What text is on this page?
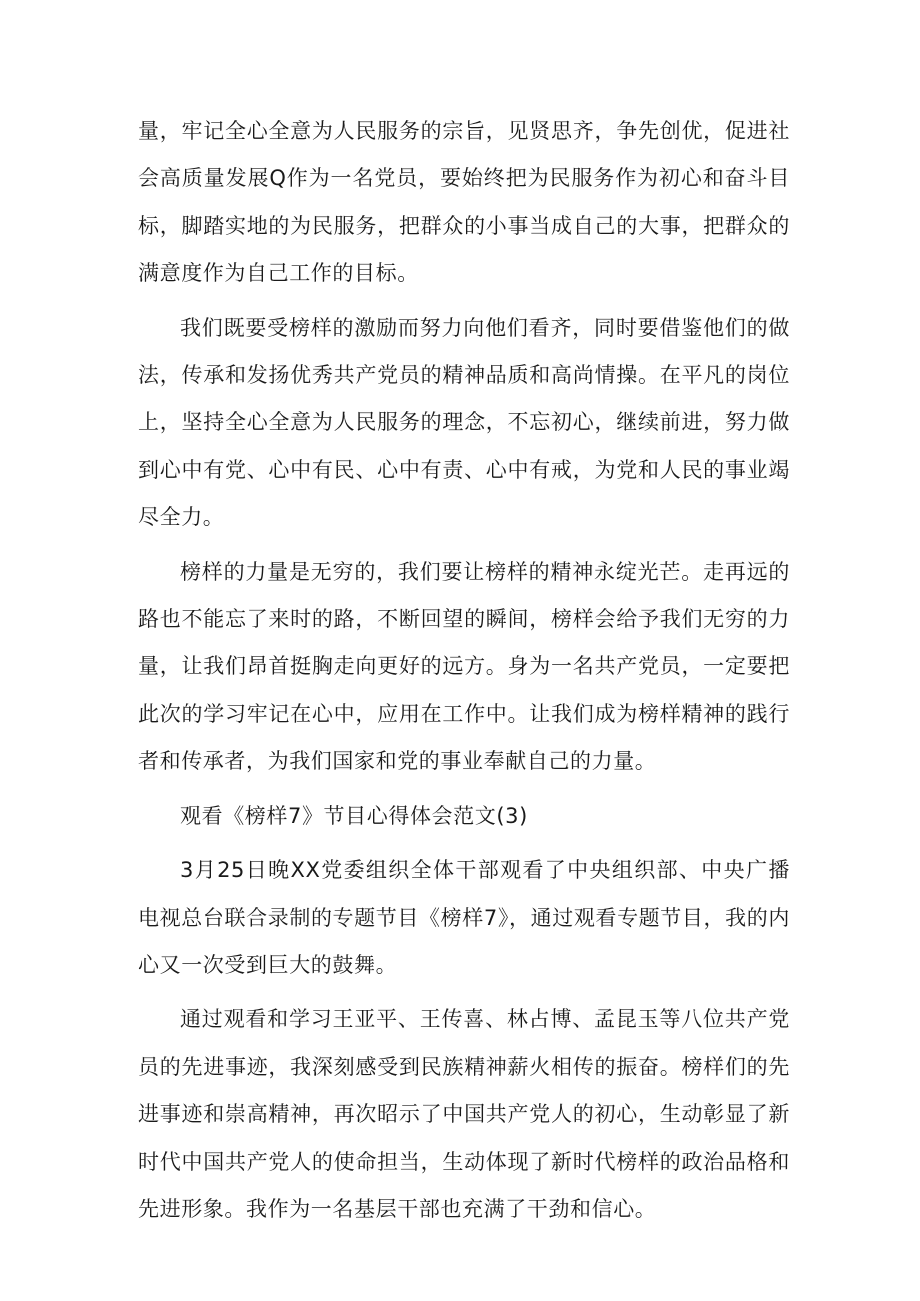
量，牢记全心全意为人民服务的宗旨，见贤思齐，争先创优，促进社会高质量发展Q作为一名党员，要始终把为民服务作为初心和奋斗目标，脚踏实地的为民服务，把群众的小事当成自己的大事，把群众的满意度作为自己工作的目标。

我们既要受榜样的激励而努力向他们看齐，同时要借鉴他们的做法，传承和发扬优秀共产党员的精神品质和高尚情操。在平凡的岗位上，坚持全心全意为人民服务的理念，不忘初心，继续前进，努力做到心中有党、心中有民、心中有责、心中有戒，为党和人民的事业竭尽全力。

榜样的力量是无穷的，我们要让榜样的精神永绽光芒。走再远的路也不能忘了来时的路，不断回望的瞬间，榜样会给予我们无穷的力量，让我们昂首挺胸走向更好的远方。身为一名共产党员，一定要把此次的学习牢记在心中，应用在工作中。让我们成为榜样精神的践行者和传承者，为我们国家和党的事业奉献自己的力量。

观看《榜样7》节目心得体会范文(3)

3月25日晚XX党委组织全体干部观看了中央组织部、中央广播电视总台联合录制的专题节目《榜样7》，通过观看专题节目，我的内心又一次受到巨大的鼓舞。

通过观看和学习王亚平、王传喜、林占博、孟昆玉等八位共产党员的先进事迹，我深刻感受到民族精神薪火相传的振奋。榜样们的先进事迹和崇高精神，再次昭示了中国共产党人的初心，生动彰显了新时代中国共产党人的使命担当，生动体现了新时代榜样的政治品格和先进形象。我作为一名基层干部也充满了干劲和信心。
